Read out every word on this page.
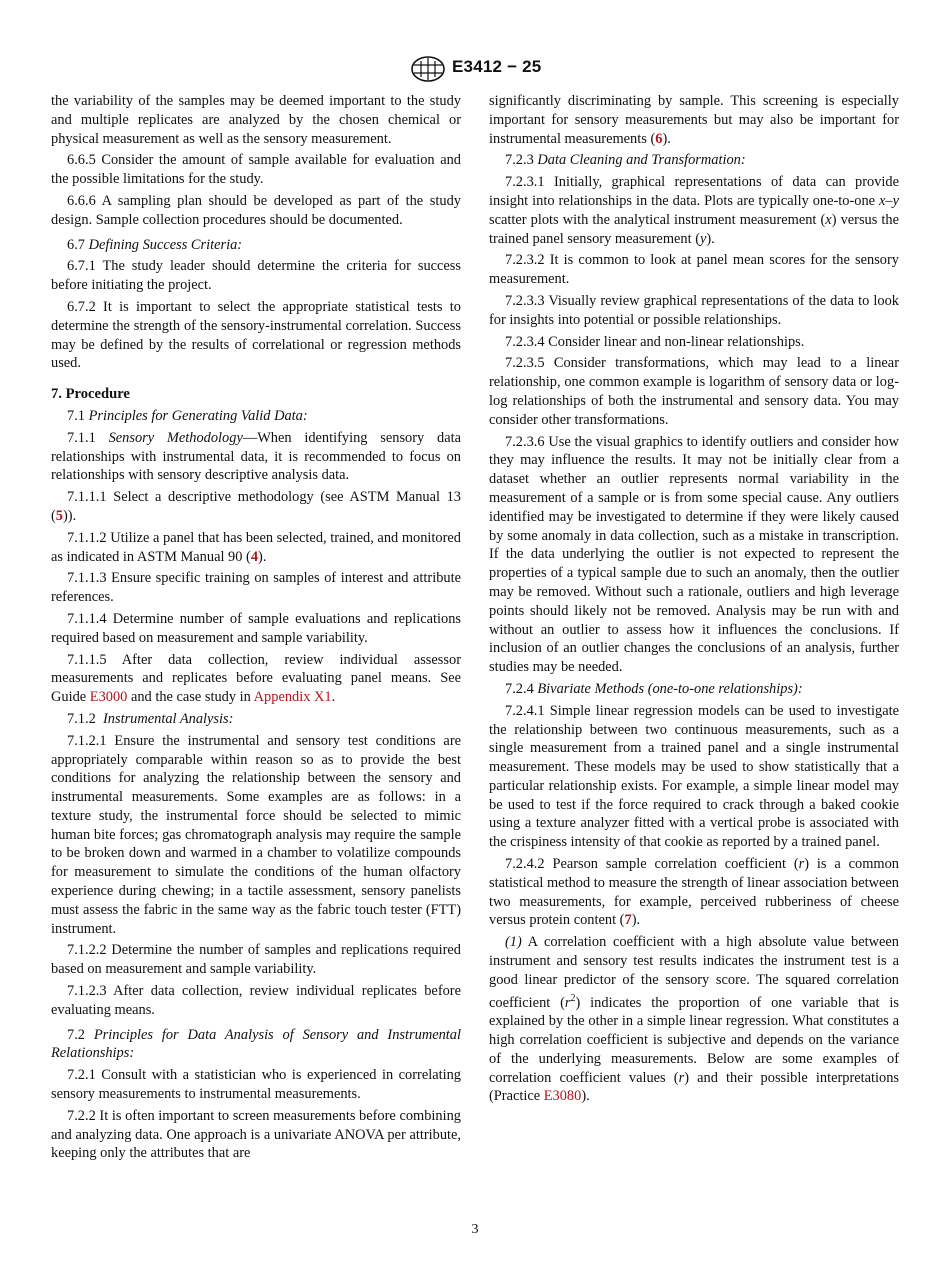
E3412 − 25

the variability of the samples may be deemed important to the study and multiple replicates are analyzed by the chosen chemical or physical measurement as well as the sensory measurement.

6.6.5 Consider the amount of sample available for evaluation and the possible limitations for the study.

6.6.6 A sampling plan should be developed as part of the study design. Sample collection procedures should be documented.

6.7 Defining Success Criteria:

6.7.1 The study leader should determine the criteria for success before initiating the project.

6.7.2 It is important to select the appropriate statistical tests to determine the strength of the sensory-instrumental correlation. Success may be defined by the results of correlational or regression methods used.

7. Procedure

7.1 Principles for Generating Valid Data:

7.1.1 Sensory Methodology—When identifying sensory data relationships with instrumental data, it is recommended to focus on relationships with sensory descriptive analysis data.

7.1.1.1 Select a descriptive methodology (see ASTM Manual 13 (5)).

7.1.1.2 Utilize a panel that has been selected, trained, and monitored as indicated in ASTM Manual 90 (4).

7.1.1.3 Ensure specific training on samples of interest and attribute references.

7.1.1.4 Determine number of sample evaluations and replications required based on measurement and sample variability.

7.1.1.5 After data collection, review individual assessor measurements and replicates before evaluating panel means. See Guide E3000 and the case study in Appendix X1.

7.1.2 Instrumental Analysis:

7.1.2.1 Ensure the instrumental and sensory test conditions are appropriately comparable within reason so as to provide the best conditions for analyzing the relationship between the sensory and instrumental measurements. Some examples are as follows: in a texture study, the instrumental force should be selected to mimic human bite forces; gas chromatograph analysis may require the sample to be broken down and warmed in a chamber to volatilize compounds for measurement to simulate the conditions of the human olfactory experience during chewing; in a tactile assessment, sensory panelists must assess the fabric in the same way as the fabric touch tester (FTT) instrument.

7.1.2.2 Determine the number of samples and replications required based on measurement and sample variability.

7.1.2.3 After data collection, review individual replicates before evaluating means.

7.2 Principles for Data Analysis of Sensory and Instrumental Relationships:

7.2.1 Consult with a statistician who is experienced in correlating sensory measurements to instrumental measurements.

7.2.2 It is often important to screen measurements before combining and analyzing data. One approach is a univariate ANOVA per attribute, keeping only the attributes that are

significantly discriminating by sample. This screening is especially important for sensory measurements but may also be important for instrumental measurements (6).

7.2.3 Data Cleaning and Transformation:

7.2.3.1 Initially, graphical representations of data can provide insight into relationships in the data. Plots are typically one-to-one x–y scatter plots with the analytical instrument measurement (x) versus the trained panel sensory measurement (y).

7.2.3.2 It is common to look at panel mean scores for the sensory measurement.

7.2.3.3 Visually review graphical representations of the data to look for insights into potential or possible relationships.

7.2.3.4 Consider linear and non-linear relationships.

7.2.3.5 Consider transformations, which may lead to a linear relationship, one common example is logarithm of sensory data or log-log relationships of both the instrumental and sensory data. You may consider other transformations.

7.2.3.6 Use the visual graphics to identify outliers and consider how they may influence the results. It may not be initially clear from a dataset whether an outlier represents normal variability in the measurement of a sample or is from some special cause. Any outliers identified may be investigated to determine if they were likely caused by some anomaly in data collection, such as a mistake in transcription. If the data underlying the outlier is not expected to represent the properties of a typical sample due to such an anomaly, then the outlier may be removed. Without such a rationale, outliers and high leverage points should likely not be removed. Analysis may be run with and without an outlier to assess how it influences the conclusions. If inclusion of an outlier changes the conclusions of an analysis, further studies may be needed.

7.2.4 Bivariate Methods (one-to-one relationships):

7.2.4.1 Simple linear regression models can be used to investigate the relationship between two continuous measurements, such as a single measurement from a trained panel and a single instrumental measurement. These models may be used to show statistically that a particular relationship exists. For example, a simple linear model may be used to test if the force required to crack through a baked cookie using a texture analyzer fitted with a vertical probe is associated with the crispiness intensity of that cookie as reported by a trained panel.

7.2.4.2 Pearson sample correlation coefficient (r) is a common statistical method to measure the strength of linear association between two measurements, for example, perceived rubberiness of cheese versus protein content (7).

(1) A correlation coefficient with a high absolute value between instrument and sensory test results indicates the instrument test is a good linear predictor of the sensory score. The squared correlation coefficient $(r^2)$ indicates the proportion of one variable that is explained by the other in a simple linear regression. What constitutes a high correlation coefficient is subjective and depends on the variance of the underlying measurements. Below are some examples of correlation coefficient values (r) and their possible interpretations (Practice E3080).

3
